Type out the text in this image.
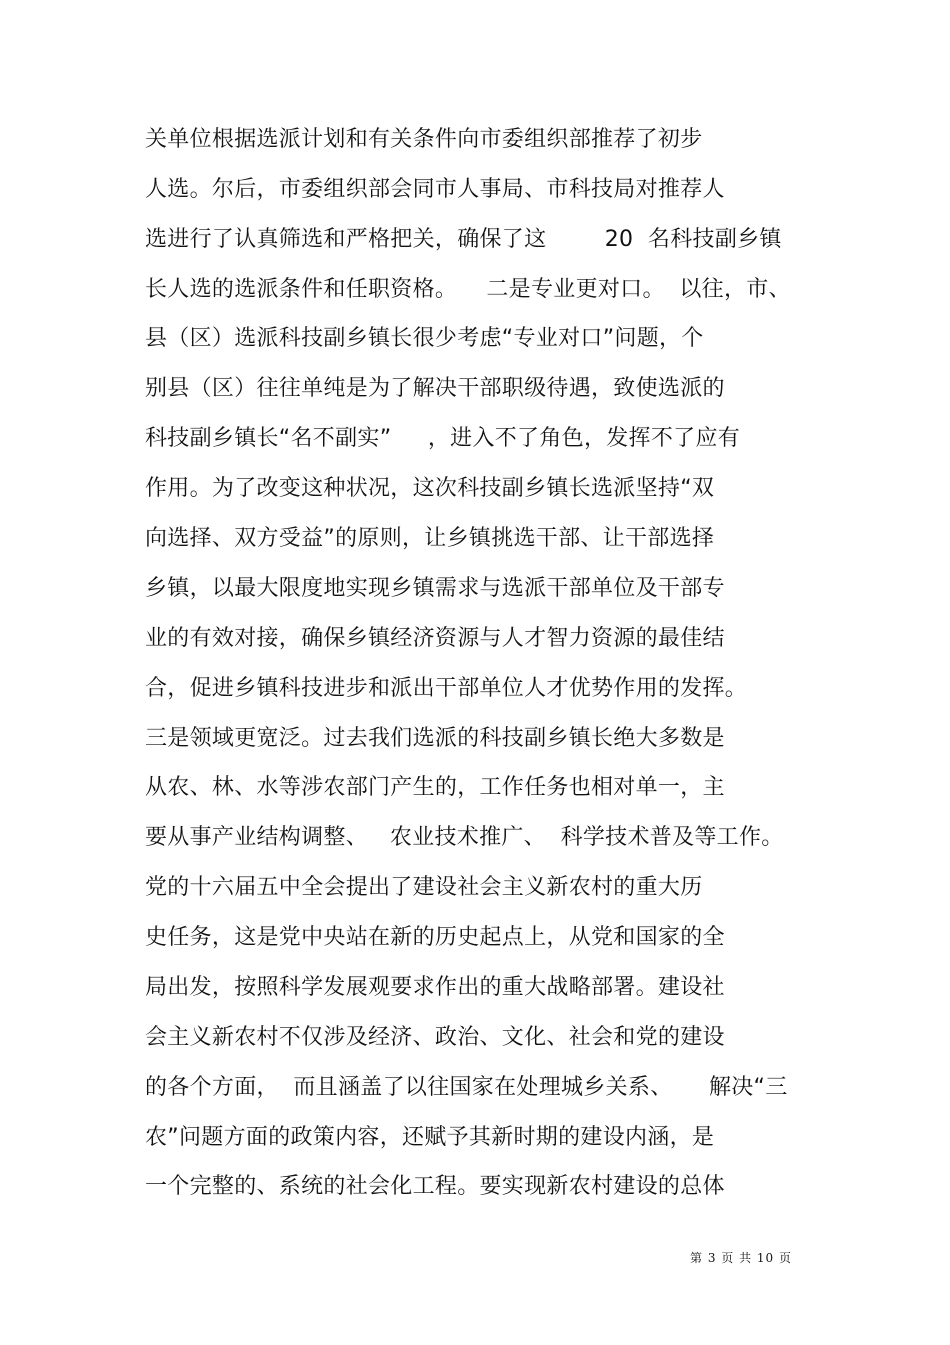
关单位根据选派计划和有关条件向市委组织部推荐了初步
人选。尔后，市委组织部会同市人事局、市科技局对推荐人
选进行了认真筛选和严格把关，确保了这        20  名科技副乡镇
长人选的选派条件和任职资格。    二是专业更对口。  以往，市、
县（区）选派科技副乡镇长很少考虑“专业对口”问题，个
别县（区）往往单纯是为了解决干部职级待遇，致使选派的
科技副乡镇长“名不副实”     ，进入不了角色，发挥不了应有
作用。为了改变这种状况，这次科技副乡镇长选派坚持“双
向选择、双方受益”的原则，让乡镇挑选干部、让干部选择
乡镇，以最大限度地实现乡镇需求与选派干部单位及干部专
业的有效对接，确保乡镇经济资源与人才智力资源的最佳结
合，促进乡镇科技进步和派出干部单位人才优势作用的发挥。
三是领域更宽泛。过去我们选派的科技副乡镇长绝大多数是
从农、林、水等涉农部门产生的，工作任务也相对单一，主
要从事产业结构调整、   农业技术推广、  科学技术普及等工作。
党的十六届五中全会提出了建设社会主义新农村的重大历
史任务，这是党中央站在新的历史起点上，从党和国家的全
局出发，按照科学发展观要求作出的重大战略部署。建设社
会主义新农村不仅涉及经济、政治、文化、社会和党的建设
的各个方面，  而且涵盖了以往国家在处理城乡关系、     解决“三
农”问题方面的政策内容，还赋予其新时期的建设内涵，是
一个完整的、系统的社会化工程。要实现新农村建设的总体
第 3 页 共 10 页
